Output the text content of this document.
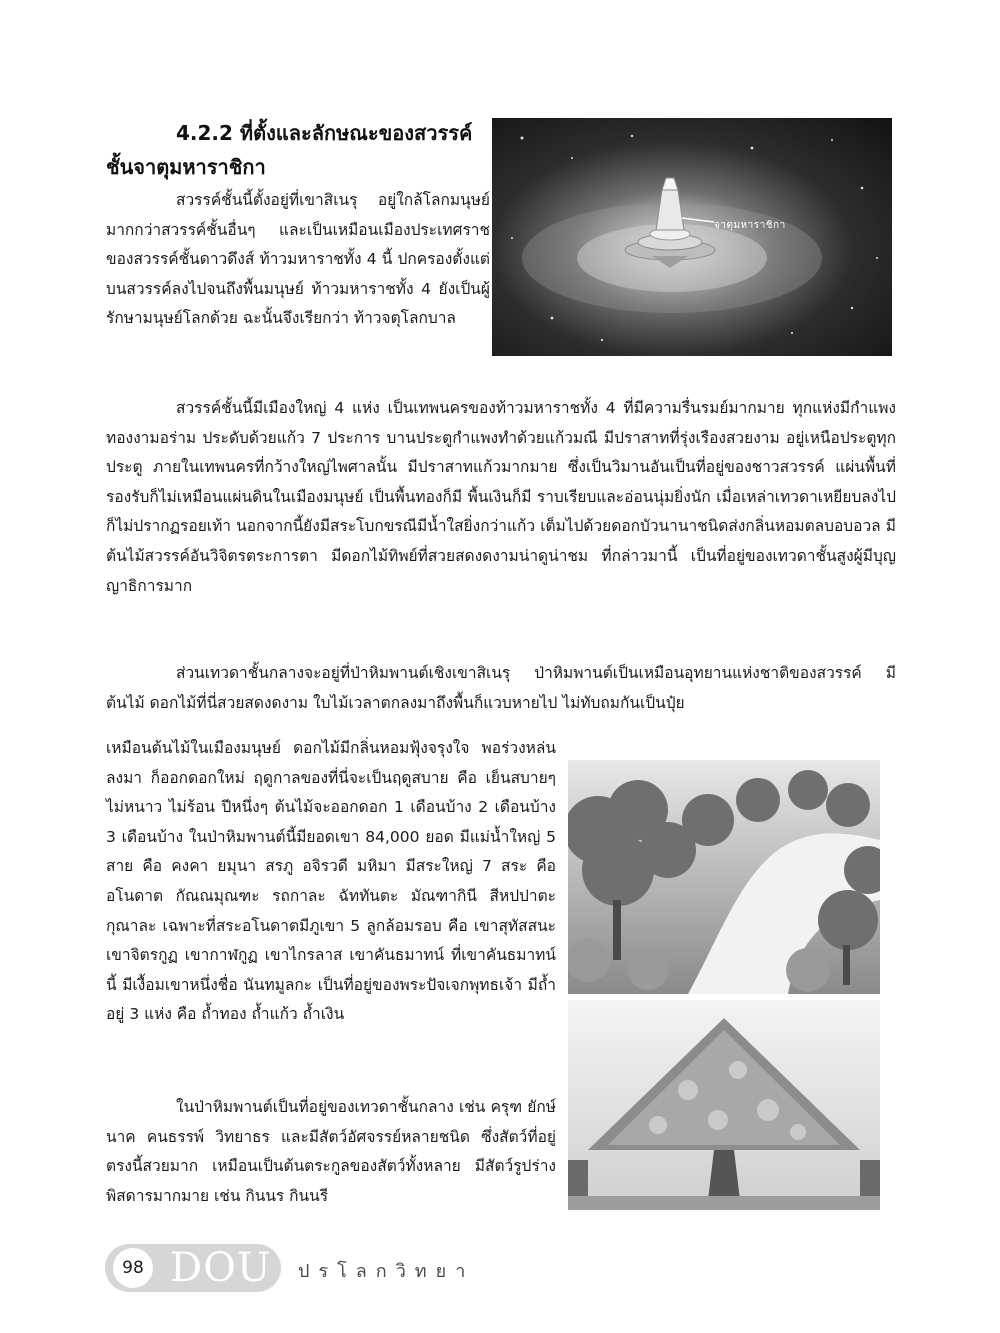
4.2.2 ที่ตั้งและลักษณะของสวรรค์
ชั้นจาตุมหาราชิกา
สวรรค์ชั้นนี้ตั้งอยู่ที่เขาสิเนรุ อยู่ใกล้โลกมนุษย์มากกว่าสวรรค์ชั้นอื่นๆ และเป็นเหมือนเมืองประเทศราช ของสวรรค์ชั้นดาวดึงส์ ท้าวมหาราชทั้ง 4 นี้ ปกครองตั้งแต่บนสวรรค์ลงไปจนถึงพื้นมนุษย์ ท้าวมหาราชทั้ง 4 ยังเป็นผู้รักษามนุษย์โลกด้วย ฉะนั้นจึงเรียกว่า ท้าวจตุโลกบาล
จาตุมหาราชิกา
สวรรค์ชั้นนี้มีเมืองใหญ่ 4 แห่ง เป็นเทพนครของท้าวมหาราชทั้ง 4 ที่มีความรื่นรมย์มากมาย ทุกแห่งมีกำแพงทองงามอร่าม ประดับด้วยแก้ว 7 ประการ บานประตูกำแพงทำด้วยแก้วมณี มีปราสาทที่รุ่งเรืองสวยงาม อยู่เหนือประตูทุกประตู ภายในเทพนครที่กว้างใหญ่ไพศาลนั้น มีปราสาทแก้วมากมาย ซึ่งเป็นวิมานอันเป็นที่อยู่ของชาวสวรรค์ แผ่นพื้นที่รองรับก็ไม่เหมือนแผ่นดินในเมืองมนุษย์ เป็นพื้นทองก็มี พื้นเงินก็มี ราบเรียบและอ่อนนุ่มยิ่งนัก เมื่อเหล่าเทวดาเหยียบลงไป ก็ไม่ปรากฏรอยเท้า นอกจากนี้ยังมีสระโบกขรณีมีน้ำใสยิ่งกว่าแก้ว เต็มไปด้วยดอกบัวนานาชนิดส่งกลิ่นหอมตลบอบอวล มีต้นไม้สวรรค์อันวิจิตรตระการตา มีดอกไม้ทิพย์ที่สวยสดงดงามน่าดูน่าชม ที่กล่าวมานี้ เป็นที่อยู่ของเทวดาชั้นสูงผู้มีบุญญาธิการมาก
ส่วนเทวดาชั้นกลางจะอยู่ที่ป่าหิมพานต์เชิงเขาสิเนรุ ป่าหิมพานต์เป็นเหมือนอุทยานแห่งชาติของสวรรค์ มีต้นไม้ ดอกไม้ที่นี่สวยสดงดงาม ใบไม้เวลาตกลงมาถึงพื้นก็แวบหายไป ไม่ทับถมกันเป็นปุ๋ย
เหมือนต้นไม้ในเมืองมนุษย์ ดอกไม้มีกลิ่นหอมฟุ้งจรุงใจ พอร่วงหล่นลงมา ก็ออกดอกใหม่ ฤดูกาลของที่นี่จะเป็นฤดูสบาย คือ เย็นสบายๆ ไม่หนาว ไม่ร้อน ปีหนึ่งๆ ต้นไม้จะออกดอก 1 เดือนบ้าง 2 เดือนบ้าง 3 เดือนบ้าง ในป่าหิมพานต์นี้มียอดเขา 84,000 ยอด มีแม่น้ำใหญ่ 5 สาย คือ คงคา ยมุนา สรภู อจิรวดี มหิมา มีสระใหญ่ 7 สระ คือ อโนดาต กัณณมุณฑะ รถกาละ ฉัททันตะ มัณฑากินี สีหปปาตะ กุณาละ เฉพาะที่สระอโนดาตมีภูเขา 5 ลูกล้อมรอบ คือ เขาสุทัสสนะ เขาจิตรกูฏ เขากาฬกูฏ เขาไกรลาส เขาคันธมาทน์ ที่เขาคันธมาทน์นี้ มีเงื้อมเขาหนึ่งชื่อ นันทมูลกะ เป็นที่อยู่ของพระปัจเจกพุทธเจ้า มีถ้ำอยู่ 3 แห่ง คือ ถ้ำทอง ถ้ำแก้ว ถ้ำเงิน
ในป่าหิมพานต์เป็นที่อยู่ของเทวดาชั้นกลาง เช่น ครุฑ ยักษ์ นาค คนธรรพ์ วิทยาธร และมีสัตว์อัศจรรย์หลายชนิด ซึ่งสัตว์ที่อยู่ตรงนี้สวยมาก เหมือนเป็นต้นตระกูลของสัตว์ทั้งหลาย มีสัตว์รูปร่างพิสดารมากมาย เช่น กินนร กินนรี
98 DOU ปรโลกวิทยา
